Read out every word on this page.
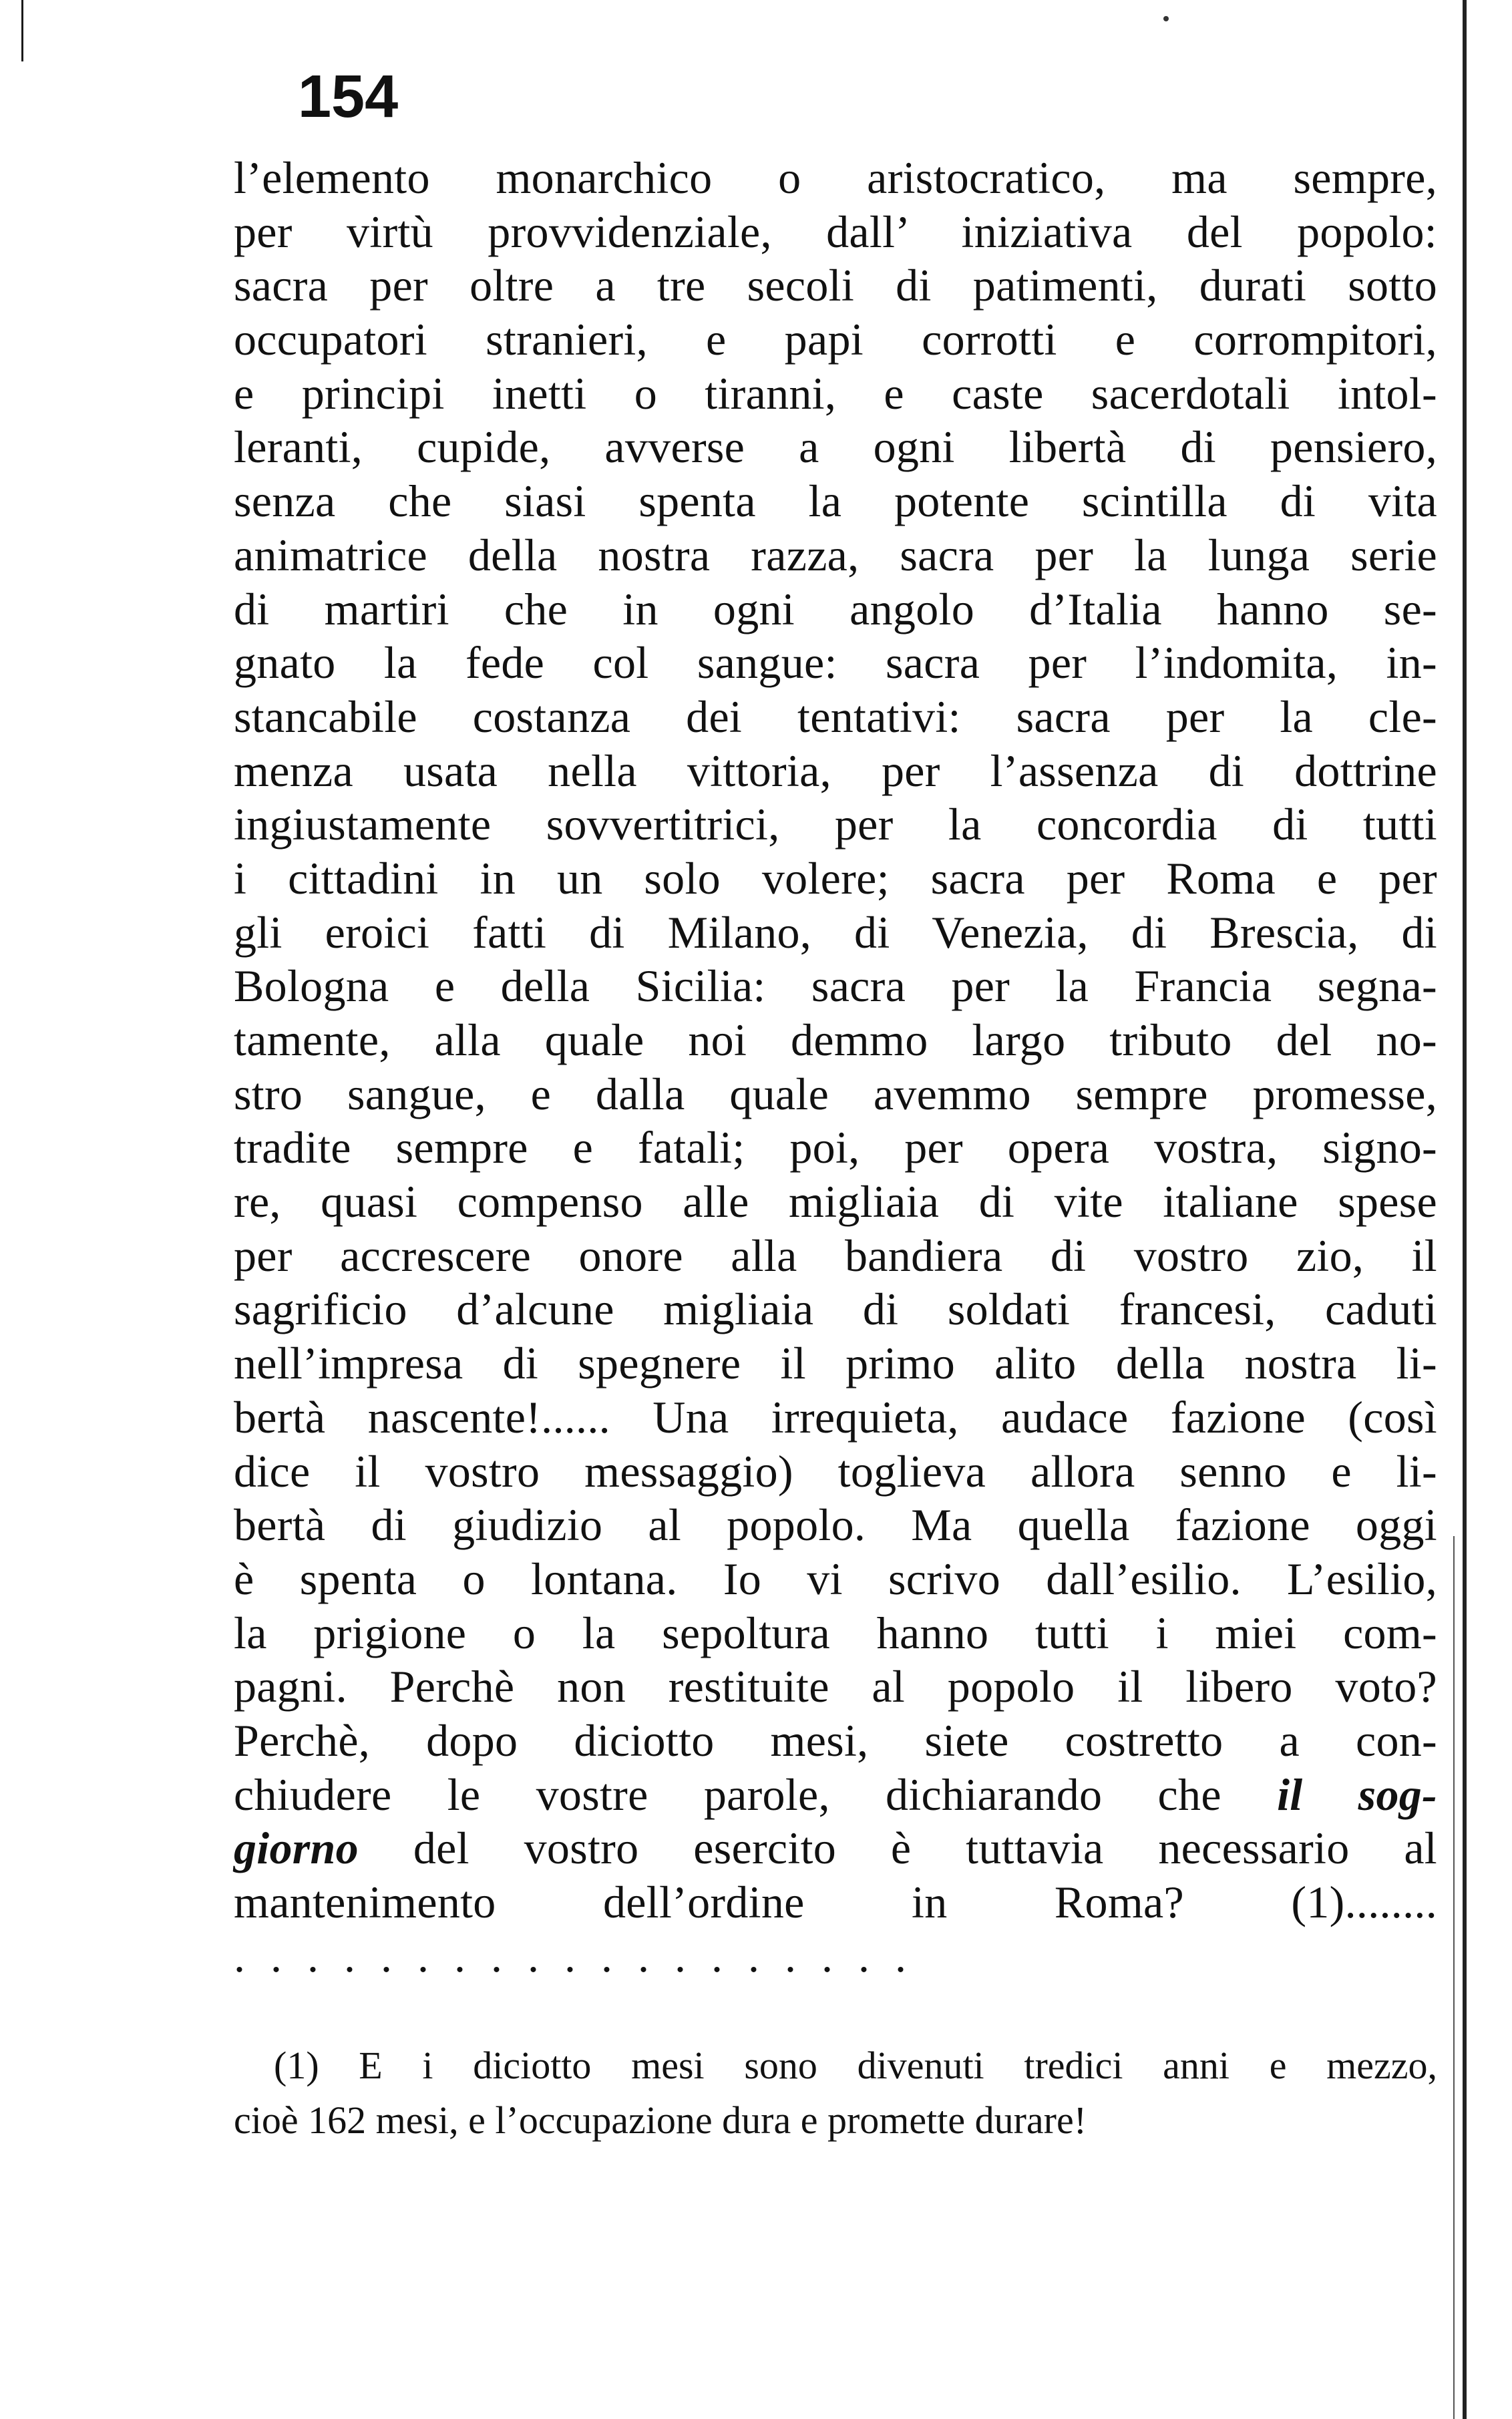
154
l’elemento monarchico o aristocratico, ma sempre,
per virtù provvidenziale, dall’ iniziativa del popolo:
sacra per oltre a tre secoli di patimenti, durati sotto
occupatori stranieri, e papi corrotti e corrompitori,
e principi inetti o tiranni, e caste sacerdotali intol-
leranti, cupide, avverse a ogni libertà di pensiero,
senza che siasi spenta la potente scintilla di vita
animatrice della nostra razza, sacra per la lunga serie
di martiri che in ogni angolo d’Italia hanno se-
gnato la fede col sangue: sacra per l’indomita, in-
stancabile costanza dei tentativi: sacra per la cle-
menza usata nella vittoria, per l’assenza di dottrine
ingiustamente sovvertitrici, per la concordia di tutti
i cittadini in un solo volere; sacra per Roma e per
gli eroici fatti di Milano, di Venezia, di Brescia, di
Bologna e della Sicilia: sacra per la Francia segna-
tamente, alla quale noi demmo largo tributo del no-
stro sangue, e dalla quale avemmo sempre promesse,
tradite sempre e fatali; poi, per opera vostra, signo-
re, quasi compenso alle migliaia di vite italiane spese
per accrescere onore alla bandiera di vostro zio, il
sagrificio d’alcune migliaia di soldati francesi, caduti
nell’impresa di spegnere il primo alito della nostra li-
bertà nascente!...... Una irrequieta, audace fazione (così
dice il vostro messaggio) toglieva allora senno e li-
bertà di giudizio al popolo. Ma quella fazione oggi
è spenta o lontana. Io vi scrivo dall’esilio. L’esilio,
la prigione o la sepoltura hanno tutti i miei com-
pagni. Perchè non restituite al popolo il libero voto?
Perchè, dopo diciotto mesi, siete costretto a con-
chiudere le vostre parole, dichiarando che il sog-
giorno del vostro esercito è tuttavia necessario al
mantenimento dell’ordine in Roma? (1)........
...................
(1) E i diciotto mesi sono divenuti tredici anni e mezzo,
cioè 162 mesi, e l’occupazione dura e promette durare!
